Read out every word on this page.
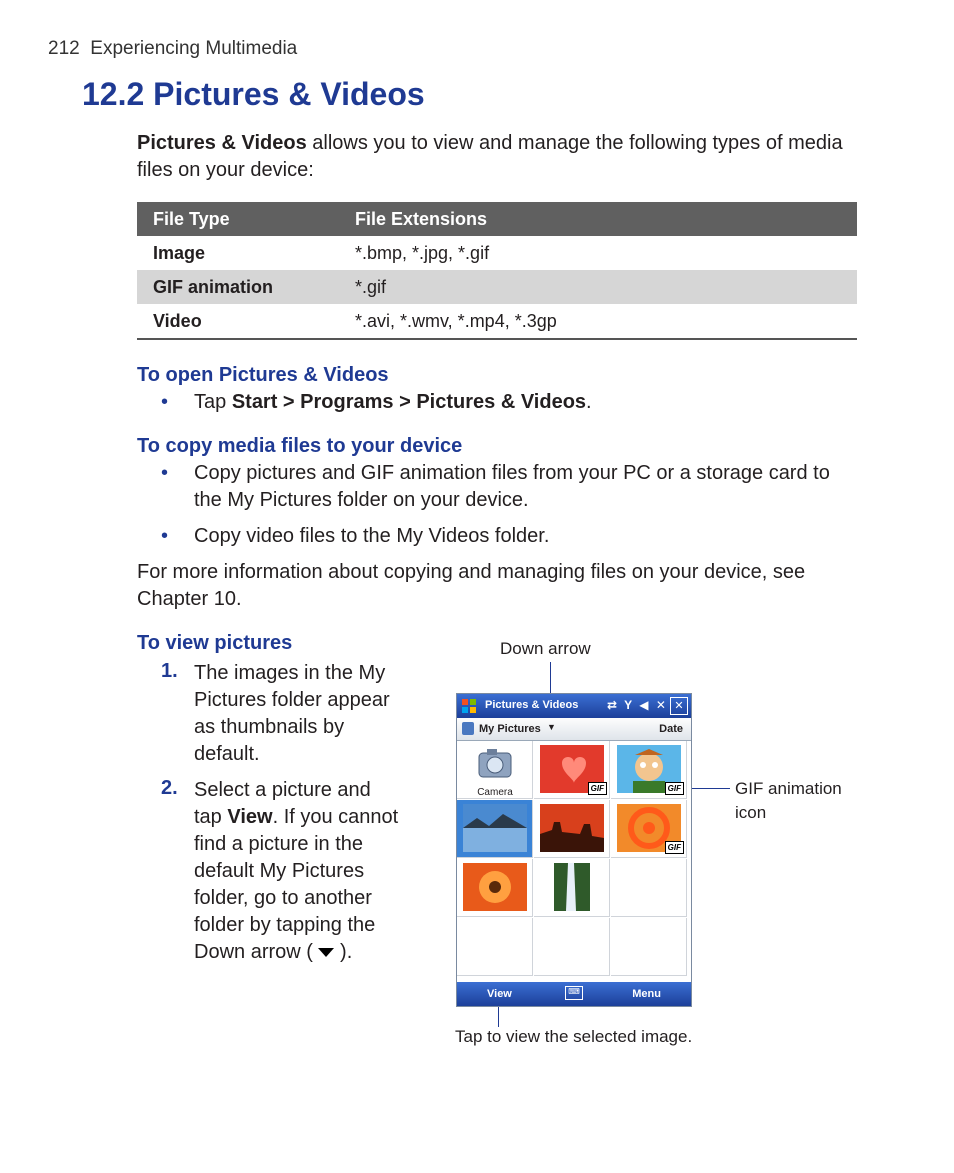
212 Experiencing Multimedia
12.2 Pictures & Videos
Pictures & Videos allows you to view and manage the following types of media files on your device:
File Type	File Extensions
Image	*.bmp, *.jpg, *.gif
GIF animation	*.gif
Video	*.avi, *.wmv, *.mp4, *.3gp
To open Pictures & Videos
• Tap Start > Programs > Pictures & Videos.
To copy media files to your device
• Copy pictures and GIF animation files from your PC or a storage card to the My Pictures folder on your device.
• Copy video files to the My Videos folder.
For more information about copying and managing files on your device, see Chapter 10.
To view pictures
1. The images in the My Pictures folder appear as thumbnails by default.
2. Select a picture and tap View. If you cannot find a picture in the default My Pictures folder, go to another folder by tapping the Down arrow (  ).
Down arrow
GIF animation icon
Tap to view the selected image.
Pictures & Videos ⇄ Y ◀ ✕ ✕
My Pictures ▼	Date
Camera	GIF	GIF
GIF
View	⌨	Menu
